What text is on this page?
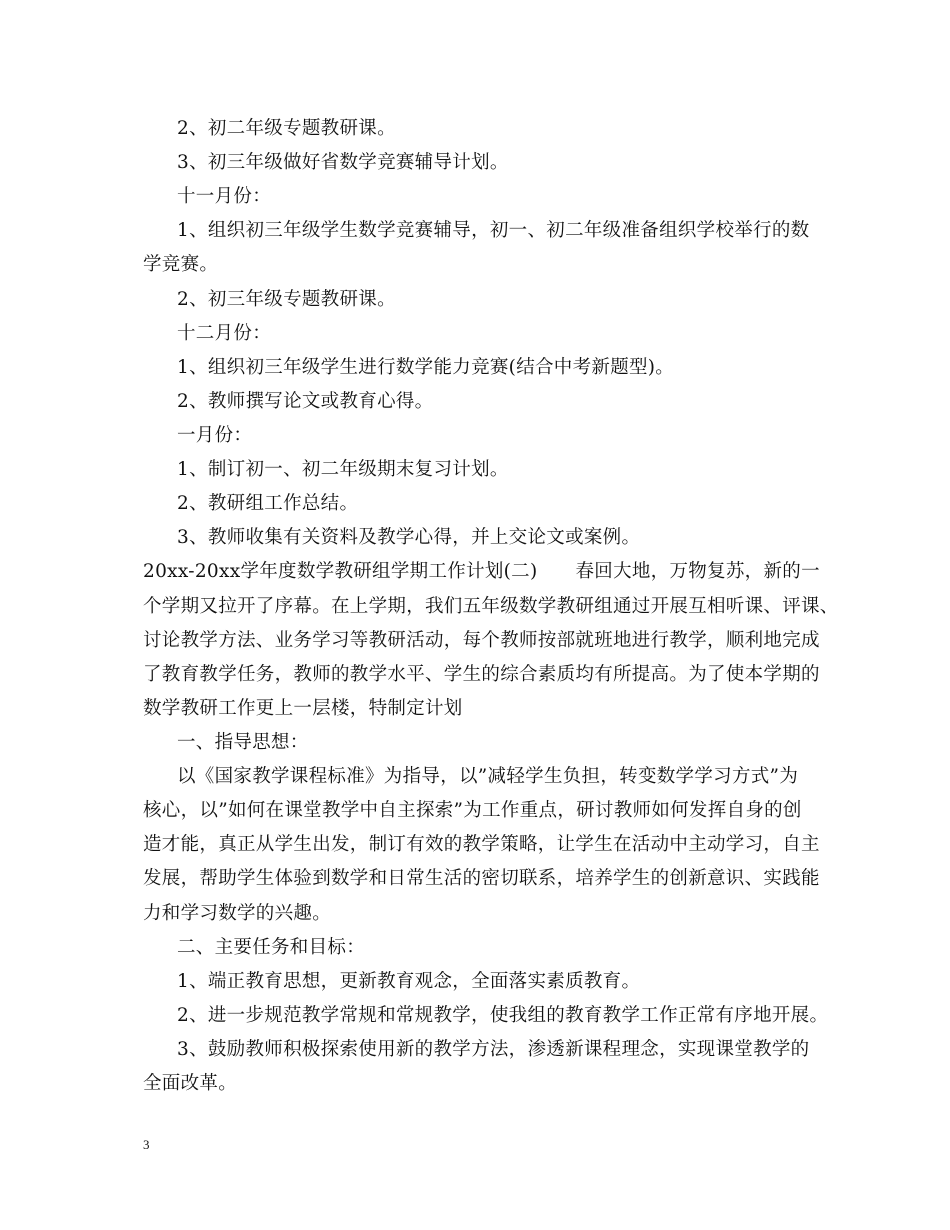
2、初二年级专题教研课。
3、初三年级做好省数学竞赛辅导计划。
十一月份：
1、组织初三年级学生数学竞赛辅导，初一、初二年级准备组织学校举行的数
学竞赛。
2、初三年级专题教研课。
十二月份：
1、组织初三年级学生进行数学能力竞赛(结合中考新题型)。
2、教师撰写论文或教育心得。
一月份：
1、制订初一、初二年级期末复习计划。
2、教研组工作总结。
3、教师收集有关资料及教学心得，并上交论文或案例。
20xx-20xx学年度数学教研组学期工作计划(二) 春回大地，万物复苏，新的一
个学期又拉开了序幕。在上学期，我们五年级数学教研组通过开展互相听课、评课、
讨论教学方法、业务学习等教研活动，每个教师按部就班地进行教学，顺利地完成
了教育教学任务，教师的教学水平、学生的综合素质均有所提高。为了使本学期的
数学教研工作更上一层楼，特制定计划
一、指导思想：
以《国家教学课程标准》为指导，以”减轻学生负担，转变数学学习方式”为
核心，以”如何在课堂教学中自主探索”为工作重点，研讨教师如何发挥自身的创
造才能，真正从学生出发，制订有效的教学策略，让学生在活动中主动学习，自主
发展，帮助学生体验到数学和日常生活的密切联系，培养学生的创新意识、实践能
力和学习数学的兴趣。
二、主要任务和目标：
1、端正教育思想，更新教育观念，全面落实素质教育。
2、进一步规范教学常规和常规教学，使我组的教育教学工作正常有序地开展。
3、鼓励教师积极探索使用新的教学方法，渗透新课程理念，实现课堂教学的
全面改革。
3
